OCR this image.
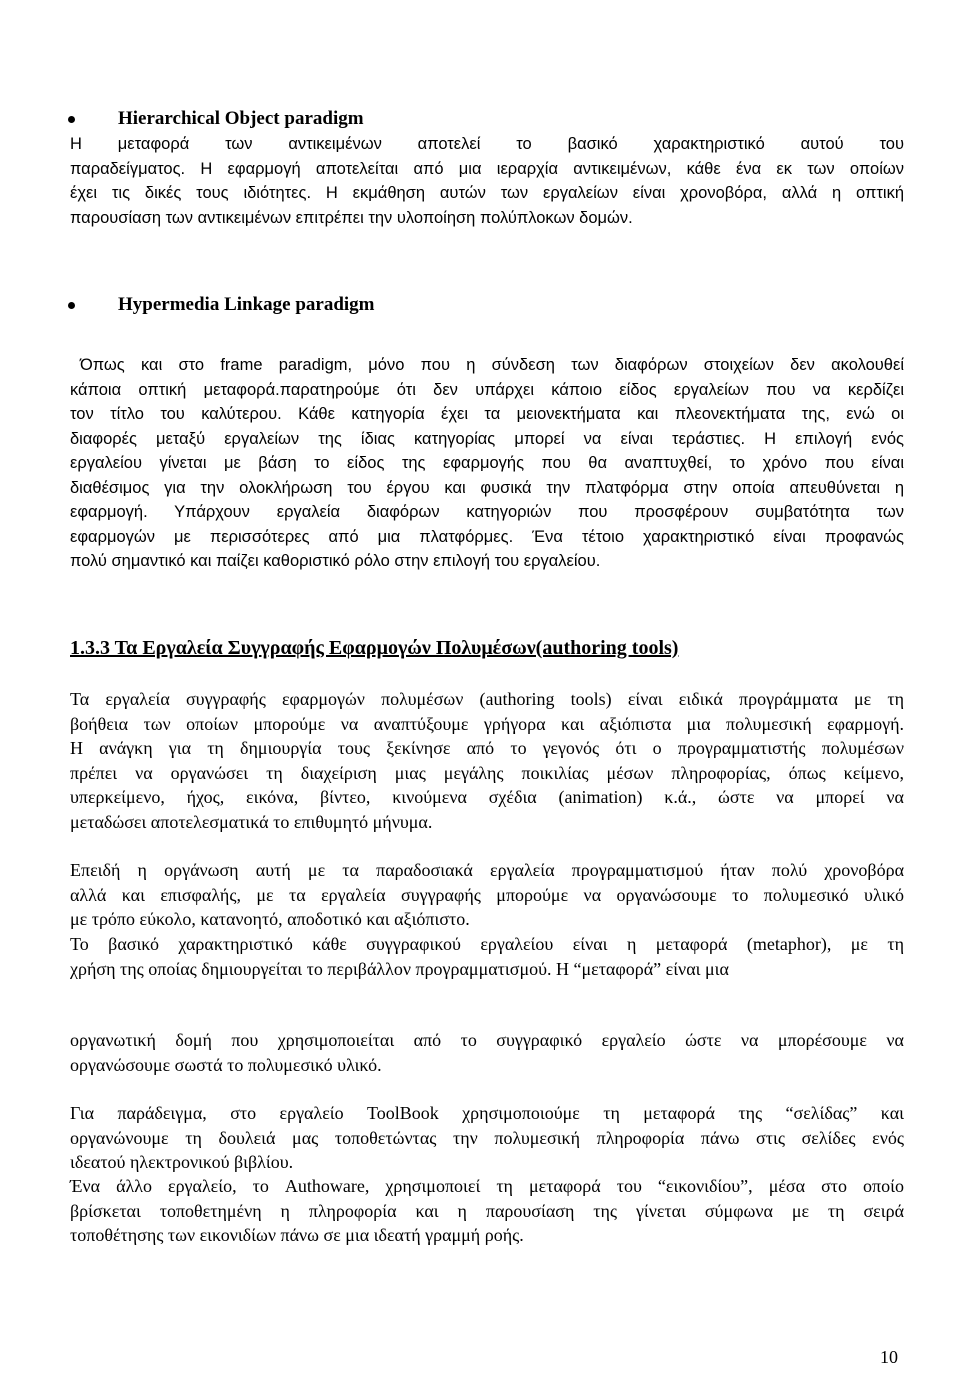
Hierarchical Object paradigm
Η μεταφορά των αντικειμένων αποτελεί το βασικό χαρακτηριστικό αυτού του
παραδείγματος. Η εφαρμογή αποτελείται από μια ιεραρχία αντικειμένων, κάθε ένα εκ των οποίων
έχει τις δικές τους ιδιότητες. Η εκμάθηση αυτών των εργαλείων είναι χρονοβόρα, αλλά η οπτική
παρουσίαση των αντικειμένων επιτρέπει την υλοποίηση πολύπλοκων δομών.
Hypermedia Linkage paradigm
Όπως και στο frame paradigm, μόνο που η σύνδεση των διαφόρων στοιχείων δεν ακολουθεί
κάποια οπτική μεταφορά.παρατηρούμε ότι δεν υπάρχει κάποιο είδος εργαλείων που να κερδίζει
τον τίτλο του καλύτερου. Κάθε κατηγορία έχει τα μειονεκτήματα και πλεονεκτήματα της, ενώ οι
διαφορές μεταξύ εργαλείων της ίδιας κατηγορίας μπορεί να είναι τεράστιες. Η επιλογή ενός
εργαλείου γίνεται με βάση το είδος της εφαρμογής που θα αναπτυχθεί, το χρόνο που είναι
διαθέσιμος για την ολοκλήρωση του έργου και φυσικά την πλατφόρμα στην οποία απευθύνεται η
εφαρμογή. Υπάρχουν εργαλεία διαφόρων κατηγοριών που προσφέρουν συμβατότητα των
εφαρμογών με περισσότερες από μια πλατφόρμες. Ένα τέτοιο χαρακτηριστικό είναι προφανώς
πολύ σημαντικό και παίζει καθοριστικό ρόλο στην επιλογή του εργαλείου.
1.3.3 Τα Εργαλεία Συγγραφής Εφαρμογών Πολυμέσων(authoring tools)
Τα εργαλεία συγγραφής εφαρμογών πολυμέσων (authoring tools) είναι ειδικά προγράμματα με τη
βοήθεια των οποίων μπορούμε να αναπτύξουμε γρήγορα και αξιόπιστα μια πολυμεσική εφαρμογή.
Η ανάγκη για τη δημιουργία τους ξεκίνησε από το γεγονός ότι ο προγραμματιστής πολυμέσων
πρέπει να οργανώσει τη διαχείριση μιας μεγάλης ποικιλίας μέσων πληροφορίας, όπως κείμενο,
υπερκείμενο, ήχος, εικόνα, βίντεο, κινούμενα σχέδια (animation) κ.ά., ώστε να μπορεί να
μεταδώσει αποτελεσματικά το επιθυμητό μήνυμα.
Επειδή η οργάνωση αυτή με τα παραδοσιακά εργαλεία προγραμματισμού ήταν πολύ χρονοβόρα
αλλά και επισφαλής, με τα εργαλεία συγγραφής μπορούμε να οργανώσουμε το πολυμεσικό υλικό
με τρόπο εύκολο, κατανοητό, αποδοτικό και αξιόπιστο.
Το βασικό χαρακτηριστικό κάθε συγγραφικού εργαλείου είναι η μεταφορά (metaphor), με τη
χρήση της οποίας δημιουργείται το περιβάλλον προγραμματισμού. Η “μεταφορά” είναι μια
οργανωτική δομή που χρησιμοποιείται από το συγγραφικό εργαλείο ώστε να μπορέσουμε να
οργανώσουμε σωστά το πολυμεσικό υλικό.
Για παράδειγμα, στο εργαλείο ToolBook χρησιμοποιούμε τη μεταφορά της “σελίδας” και
οργανώνουμε τη δουλειά μας τοποθετώντας την πολυμεσική πληροφορία πάνω στις σελίδες ενός
ιδεατού ηλεκτρονικού βιβλίου.
Ένα άλλο εργαλείο, το Authoware, χρησιμοποιεί τη μεταφορά του “εικονιδίου”, μέσα στο οποίο
βρίσκεται τοποθετημένη η πληροφορία και η παρουσίαση της γίνεται σύμφωνα με τη σειρά
τοποθέτησης των εικονιδίων πάνω σε μια ιδεατή γραμμή ροής.
10
